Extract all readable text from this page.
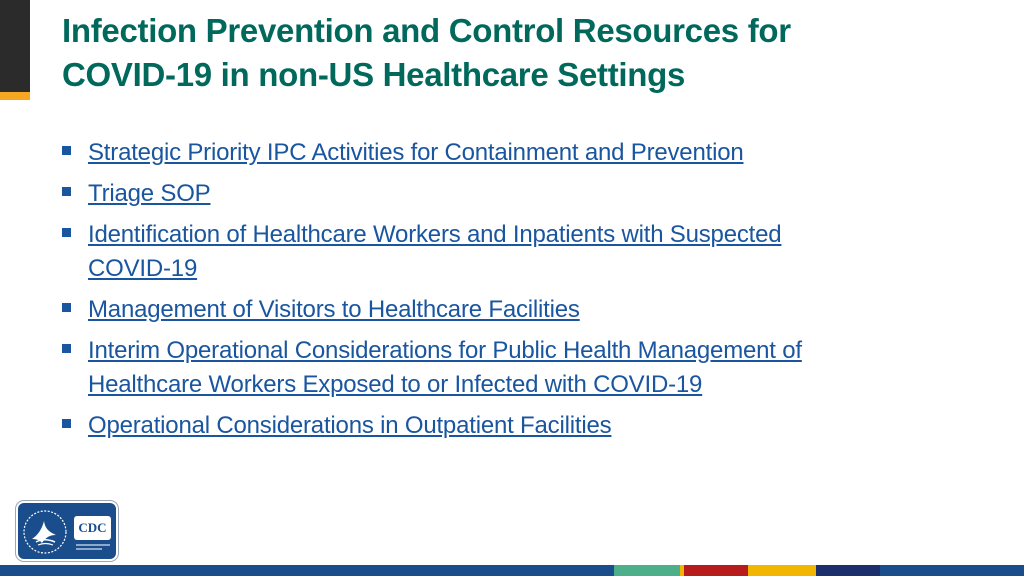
Infection Prevention and Control Resources for
COVID-19 in non-US Healthcare Settings
Strategic Priority IPC Activities for Containment and Prevention
Triage SOP
Identification of Healthcare Workers and Inpatients with Suspected
COVID-19
Management of Visitors to Healthcare Facilities
Interim Operational Considerations for Public Health Management of
Healthcare Workers Exposed to or Infected with COVID-19
Operational Considerations in Outpatient Facilities
CDC
